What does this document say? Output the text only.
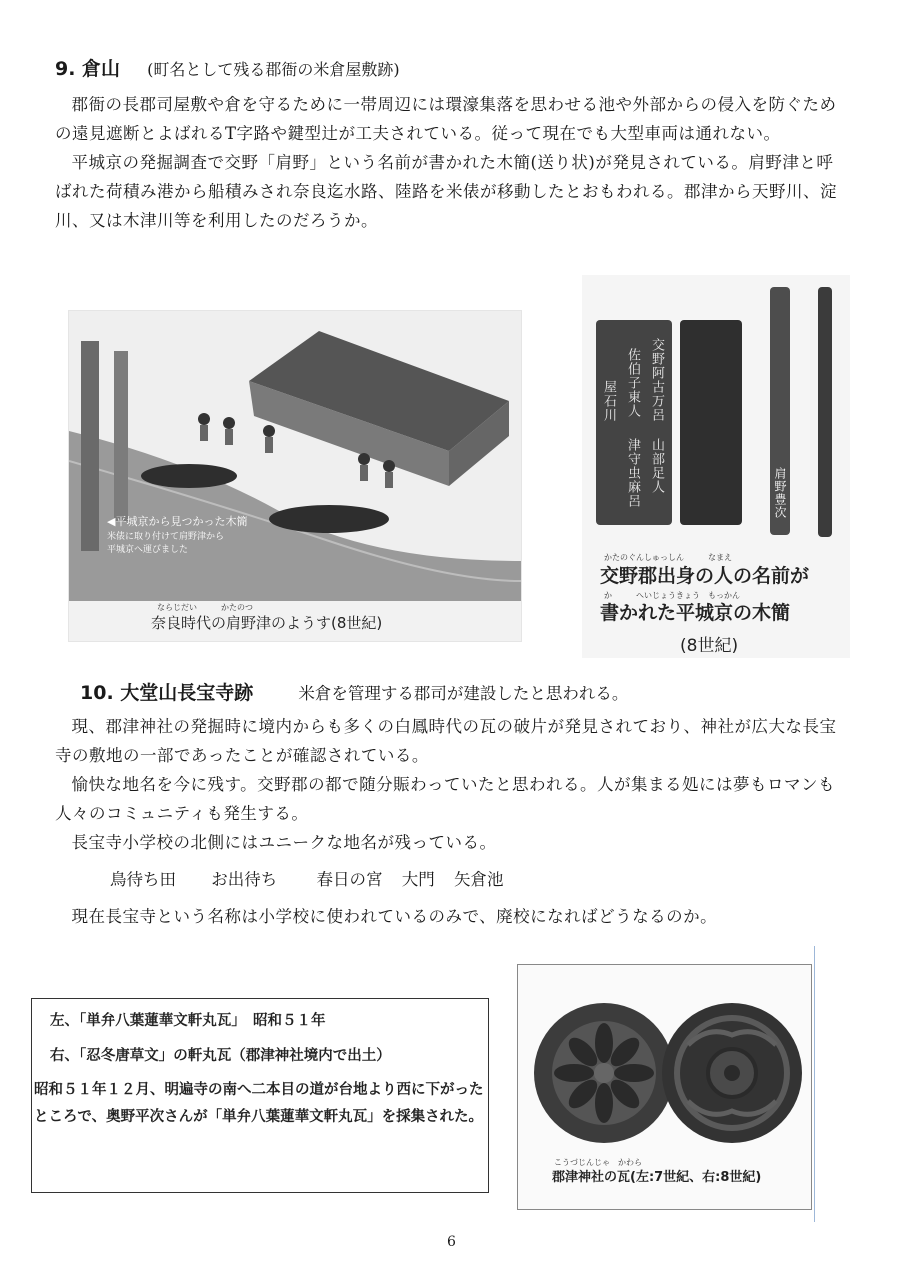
9. 倉山 (町名として残る郡衙の米倉屋敷跡)

郡衙の長郡司屋敷や倉を守るために一帯周辺には環濠集落を思わせる池や外部からの侵入を防ぐための遠見遮断とよばれるT字路や鍵型辻が工夫されている。従って現在でも大型車両は通れない。

平城京の発掘調査で交野「肩野」という名前が書かれた木簡(送り状)が発見されている。肩野津と呼ばれた荷積み港から船積みされ奈良迄水路、陸路を米俵が移動したとおもわれる。郡津から天野川、淀川、又は木津川等を利用したのだろうか。

◀平城京から見つかった木簡
米俵に取り付けて肩野津から
平城京へ運びました
ならじだい　　　かたのつ
奈良時代の肩野津のようす(8世紀)
交野阿古万呂
山部足人
佐伯子東人
津守虫麻呂
屋石川
肩野豊次
かたのぐんしゅっしん　　　なまえ
交野郡出身の人の名前が
か　　　へいじょうきょう　もっかん
書かれた平城京の木簡
(8世紀)
10. 大堂山長宝寺跡	米倉を管理する郡司が建設したと思われる。

現、郡津神社の発掘時に境内からも多くの白鳳時代の瓦の破片が発見されており、神社が広大な長宝寺の敷地の一部であったことが確認されている。

愉快な地名を今に残す。交野郡の都で随分賑わっていたと思われる。人が集まる処には夢もロマンも人々のコミュニティも発生する。

長宝寺小学校の北側にはユニークな地名が残っている。

鳥待ち田 お出待ち 春日の宮 大門 矢倉池

現在長宝寺という名称は小学校に使われているのみで、廃校になればどうなるのか。

左、「単弁八葉蓮華文軒丸瓦」　昭和５１年
右、「忍冬唐草文」の軒丸瓦（郡津神社境内で出土）
昭和５１年１２月、明遍寺の南へ二本目の道が台地より西に下がったところで、奥野平次さんが「単弁八葉蓮華文軒丸瓦」を採集された。
こうづじんじゃ　かわら
郡津神社の瓦(左:7世紀、右:8世紀)
6
